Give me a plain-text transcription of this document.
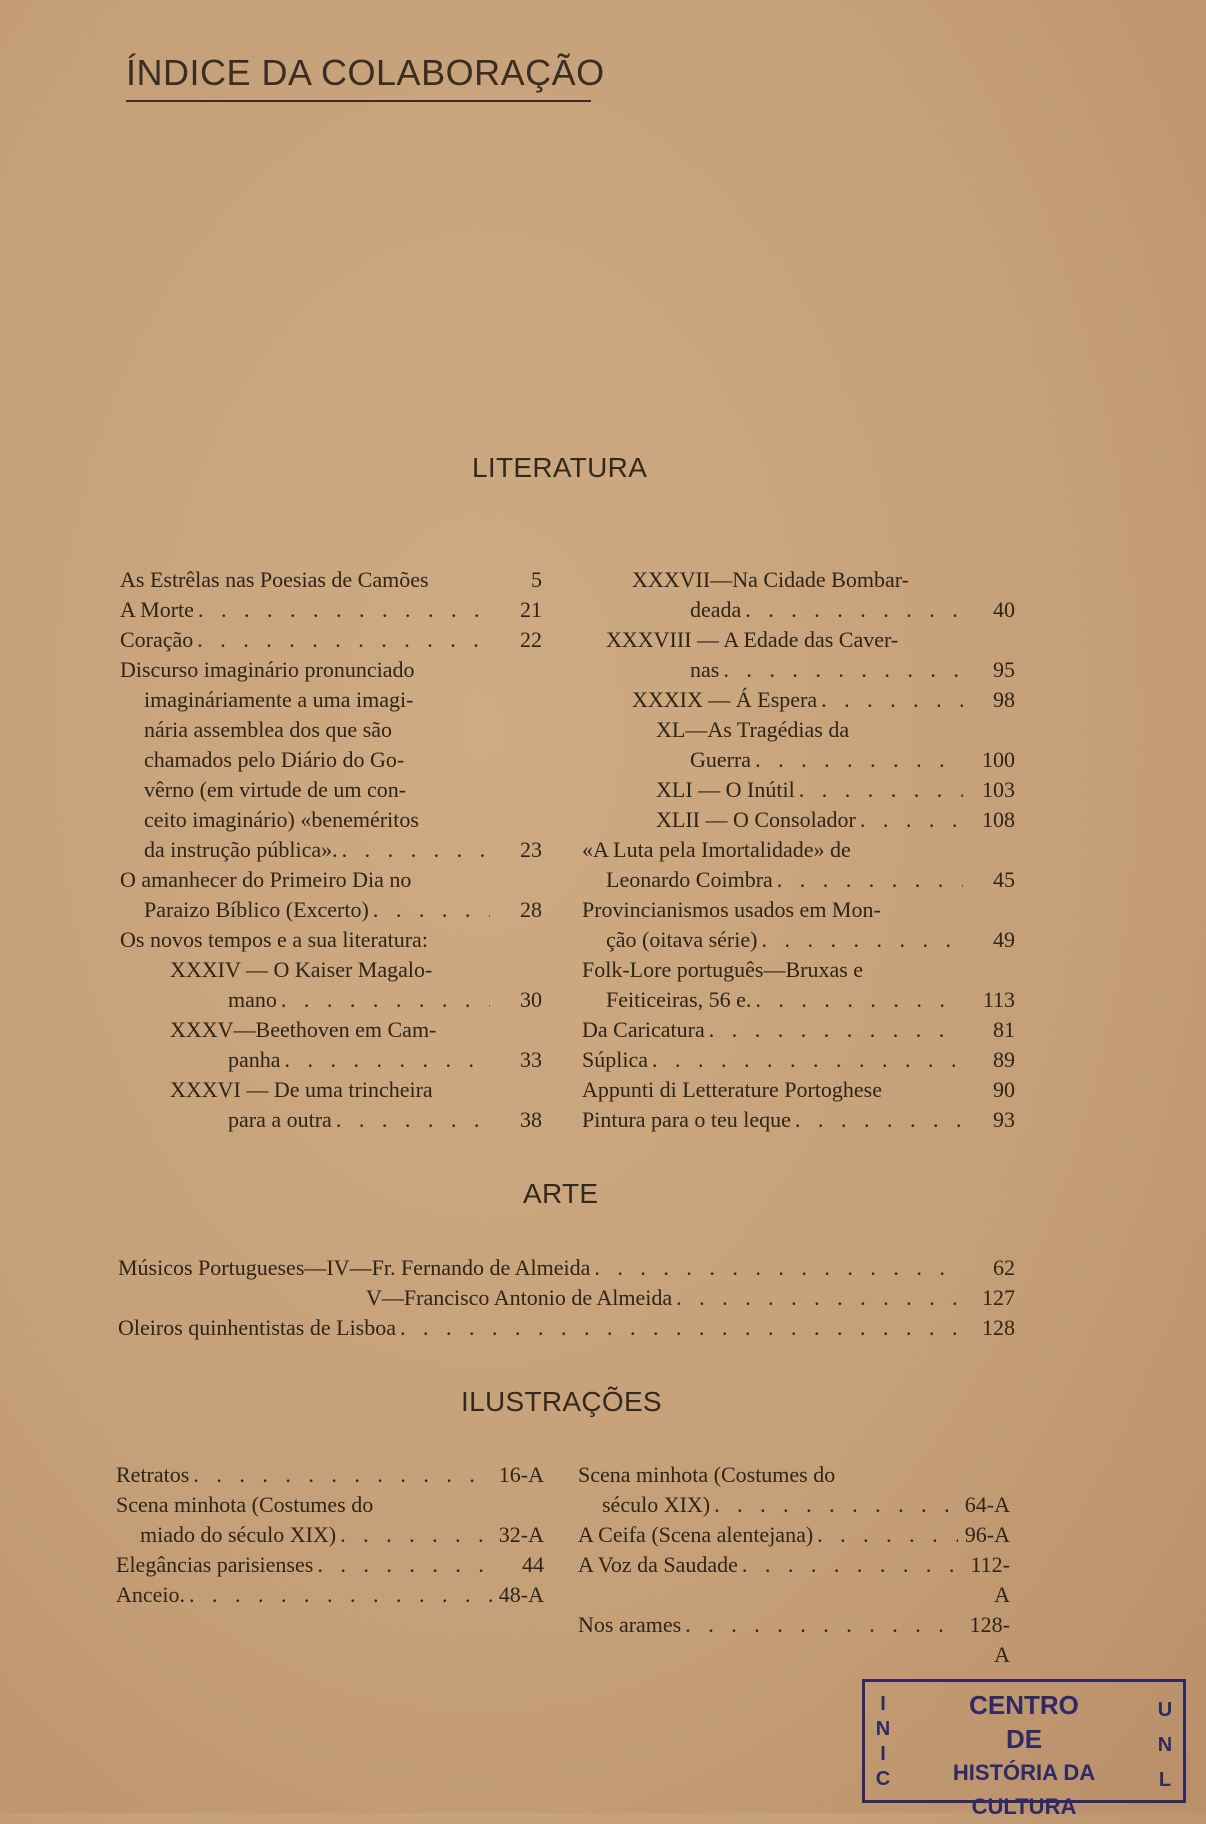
ÍNDICE DA COLABORAÇÃO
LITERATURA
As Estrêlas nas Poesias de Camões	5
A Morte . . .	21
Coração . . .	22
Discurso imaginário pronunciado
imagináriamente a uma imagi-
nária assemblea dos que são
chamados pelo Diário do Go-
vêrno (em virtude de um con-
ceito imaginário) «beneméritos
da instrução pública». . . .	23
O amanhecer do Primeiro Dia no
Paraizo Bíblico (Excerto) . . .	28
Os novos tempos e a sua literatura:
XXXIV — O Kaiser Magalo-
mano . . .	30
XXXV—Beethoven em Cam-
panha . . .	33
XXXVI — De uma trincheira
para a outra . . .	38
XXXVII—Na Cidade Bombar-
deada . . .	40
XXXVIII — A Edade das Caver-
nas . . .	95
XXXIX — Á Espera . . .	98
XL—As Tragédias da
Guerra . . .	100
XLI — O Inútil . . .	103
XLII — O Consolador . . .	108
«A Luta pela Imortalidade» de
Leonardo Coimbra . . .	45
Provincianismos usados em Mon-
ção (oitava série) . . .	49
Folk-Lore português—Bruxas e
Feiticeiras, 56 e. . . .	113
Da Caricatura . . .	81
Súplica . . .	89
Appunti di Letterature Portoghese	90
Pintura para o teu leque . . .	93
ARTE
Músicos Portugueses—IV—Fr. Fernando de Almeida . . .	62
V—Francisco Antonio de Almeida . . .	127
Oleiros quinhentistas de Lisboa . . .	128
ILUSTRAÇÕES
Retratos . . .	16-A
Scena minhota (Costumes do
miado do século XIX) . . .	32-A
Elegâncias parisienses . . .	44
Anceio. . . .	48-A
Scena minhota (Costumes do
século XIX) . . .	64-A
A Ceifa (Scena alentejana) . . .	96-A
A Voz da Saudade . . .	112-A
Nos arames . . .	128-A
I
N
I
C
CENTRO
DE
HISTÓRIA DA CULTURA
U
N
L
